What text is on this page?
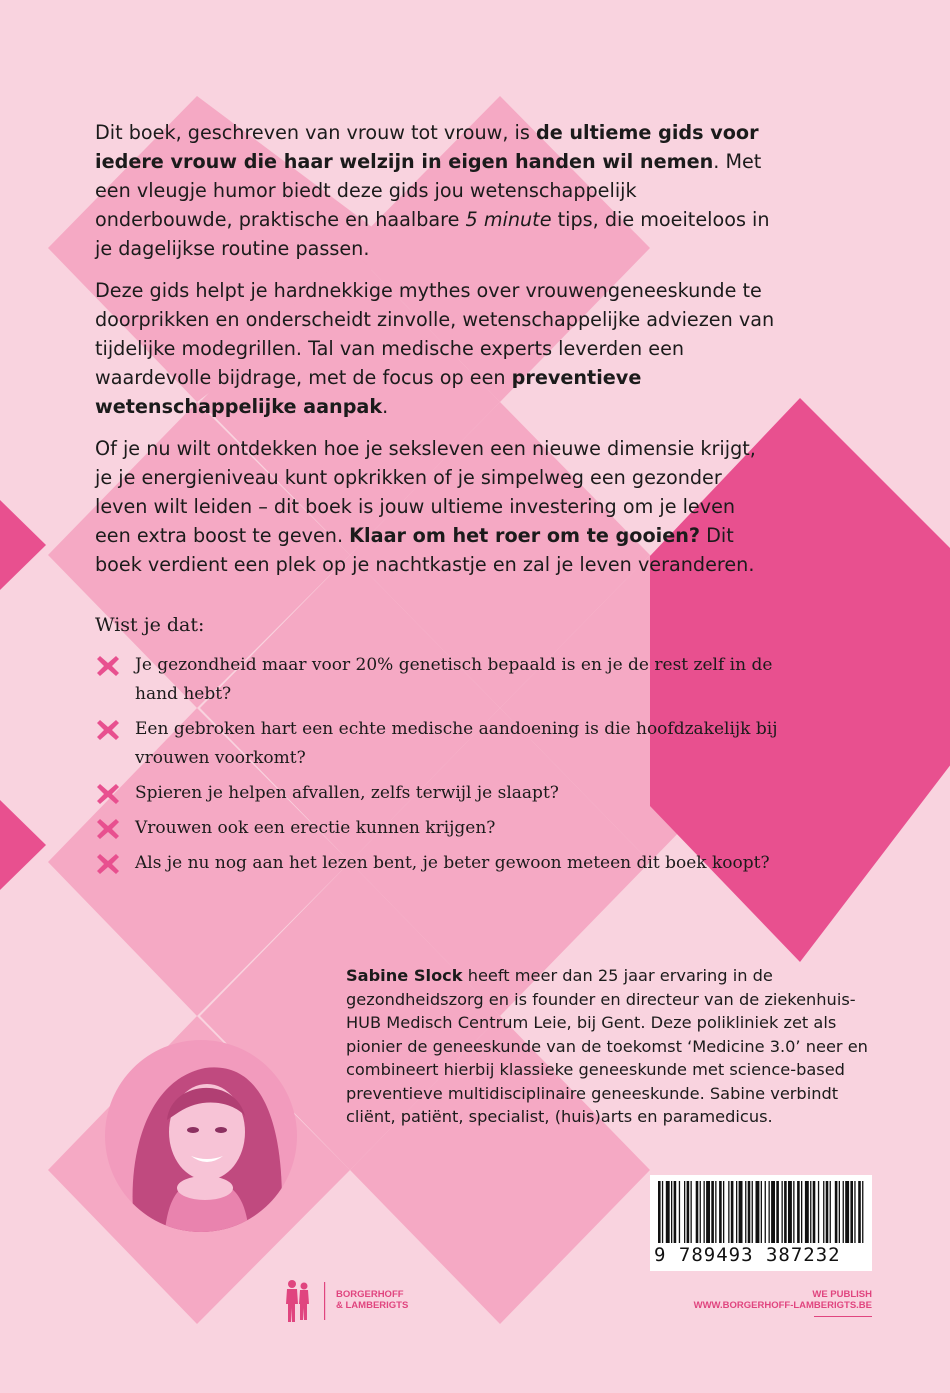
Dit boek, geschreven van vrouw tot vrouw, is de ultieme gids voor iedere vrouw die haar welzijn in eigen handen wil nemen. Met een vleugje humor biedt deze gids jou wetenschappelijk onderbouwde, praktische en haalbare 5 minute tips, die moeiteloos in je dagelijkse routine passen.

Deze gids helpt je hardnekkige mythes over vrouwengeneeskunde te doorprikken en onderscheidt zinvolle, wetenschappelijke adviezen van tijdelijke modegrillen. Tal van medische experts leverden een waardevolle bijdrage, met de focus op een preventieve wetenschappelijke aanpak.

Of je nu wilt ontdekken hoe je seksleven een nieuwe dimensie krijgt, je je energieniveau kunt opkrikken of je simpelweg een gezonder leven wilt leiden – dit boek is jouw ultieme investering om je leven een extra boost te geven. Klaar om het roer om te gooien? Dit boek verdient een plek op je nachtkastje en zal je leven veranderen.

Wist je dat:
Je gezondheid maar voor 20% genetisch bepaald is en je de rest zelf in de hand hebt?
Een gebroken hart een echte medische aandoening is die hoofdzakelijk bij vrouwen voorkomt?
Spieren je helpen afvallen, zelfs terwijl je slaapt?
Vrouwen ook een erectie kunnen krijgen?
Als je nu nog aan het lezen bent, je beter gewoon meteen dit boek koopt?
Sabine Slock heeft meer dan 25 jaar ervaring in de gezondheidszorg en is founder en directeur van de ziekenhuis-HUB Medisch Centrum Leie, bij Gent. Deze polikliniek zet als pionier de geneeskunde van de toekomst ‘Medicine 3.0’ neer en combineert hierbij klassieke geneeskunde met science-based preventieve multidisciplinaire geneeskunde. Sabine verbindt cliënt, patiënt, specialist, (huis)arts en paramedicus.
9 789493 387232
BORGERHOFF
& LAMBERIGTS
WE PUBLISH
WWW.BORGERHOFF-LAMBERIGTS.BE
